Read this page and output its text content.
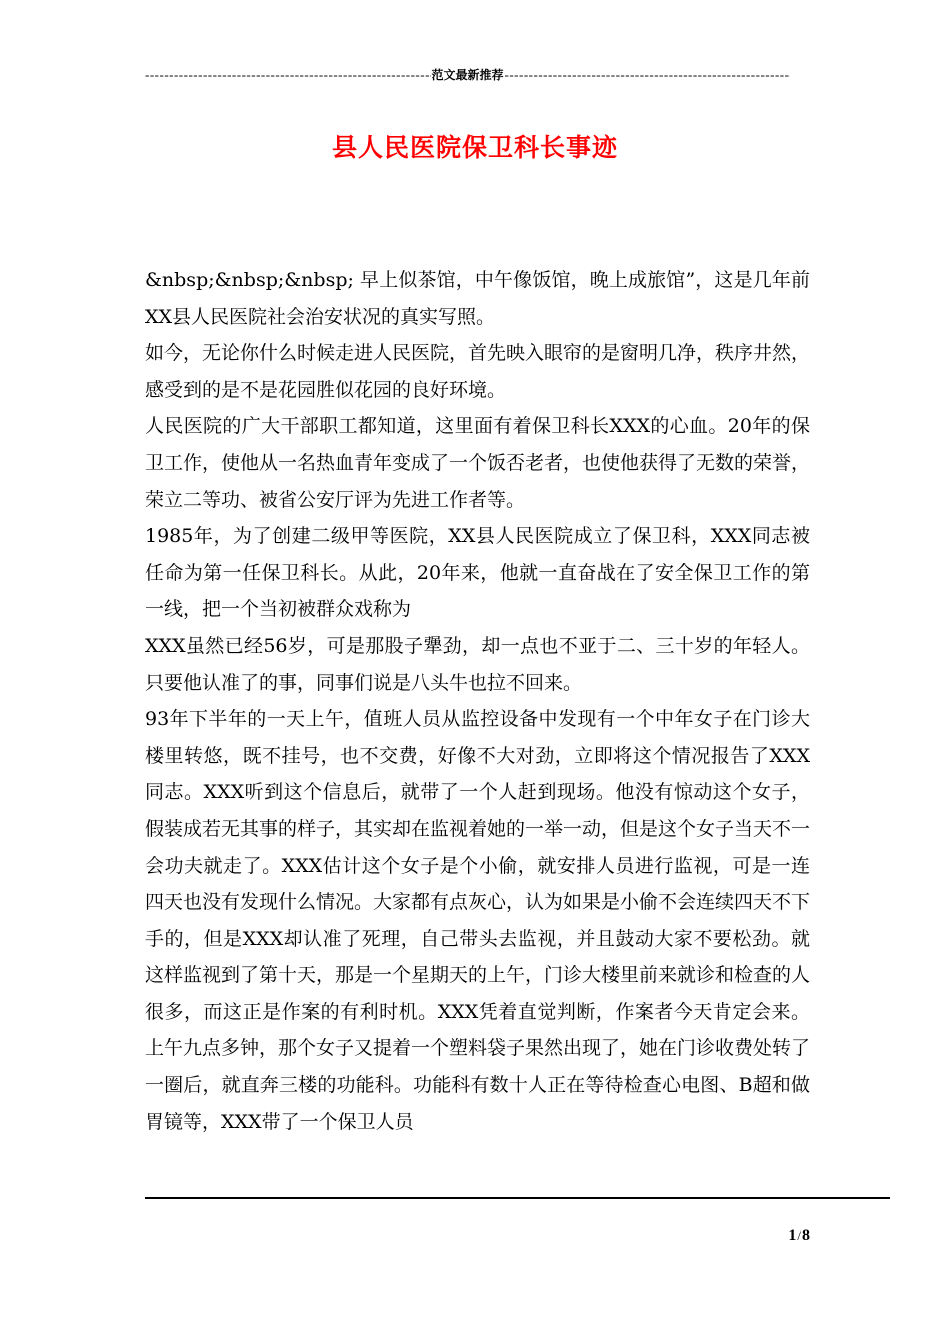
-----
范文最新推荐
-----
县人民医院保卫科长事迹

&nbsp;&nbsp;&nbsp; 早上似茶馆，中午像饭馆，晚上成旅馆”，这是几年前XX县人民医院社会治安状况的真实写照。

如今，无论你什么时候走进人民医院，首先映入眼帘的是窗明几净，秩序井然，感受到的是不是花园胜似花园的良好环境。

人民医院的广大干部职工都知道，这里面有着保卫科长XXX的心血。20年的保卫工作，使他从一名热血青年变成了一个饭否老者，也使他获得了无数的荣誉，荣立二等功、被省公安厅评为先进工作者等。

1985年，为了创建二级甲等医院，XX县人民医院成立了保卫科，XXX同志被任命为第一任保卫科长。从此，20年来，他就一直奋战在了安全保卫工作的第一线，把一个当初被群众戏称为

XXX虽然已经56岁，可是那股子犟劲，却一点也不亚于二、三十岁的年轻人。只要他认准了的事，同事们说是八头牛也拉不回来。

93年下半年的一天上午，值班人员从监控设备中发现有一个中年女子在门诊大楼里转悠，既不挂号，也不交费，好像不大对劲，立即将这个情况报告了XXX同志。XXX听到这个信息后，就带了一个人赶到现场。他没有惊动这个女子，假装成若无其事的样子，其实却在监视着她的一举一动，但是这个女子当天不一会功夫就走了。XXX估计这个女子是个小偷，就安排人员进行监视，可是一连四天也没有发现什么情况。大家都有点灰心，认为如果是小偷不会连续四天不下手的，但是XXX却认准了死理，自己带头去监视，并且鼓动大家不要松劲。就这样监视到了第十天，那是一个星期天的上午，门诊大楼里前来就诊和检查的人很多，而这正是作案的有利时机。XXX凭着直觉判断，作案者今天肯定会来。上午九点多钟，那个女子又提着一个塑料袋子果然出现了，她在门诊收费处转了一圈后，就直奔三楼的功能科。功能科有数十人正在等待检查心电图、B超和做胃镜等，XXX带了一个保卫人员

1/8
